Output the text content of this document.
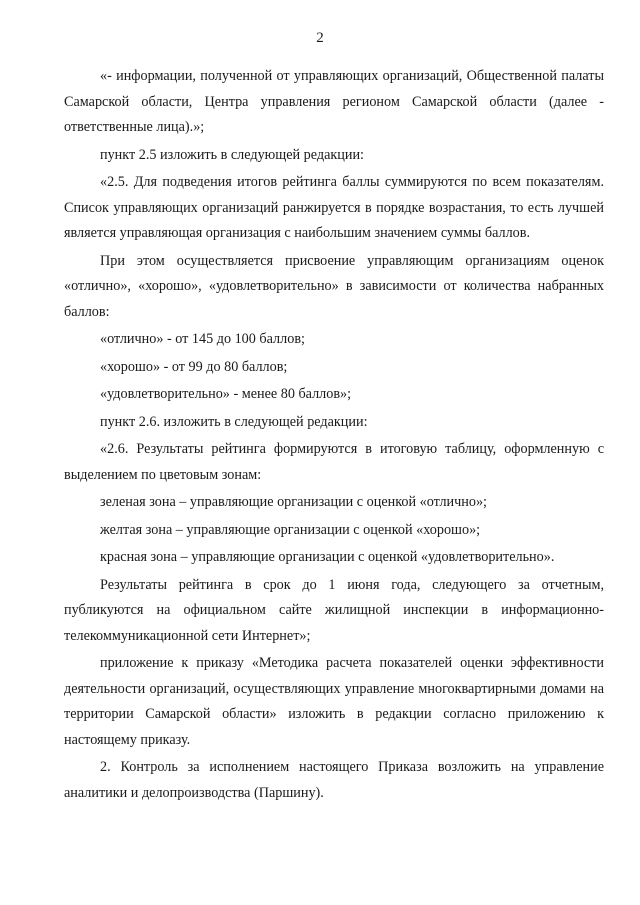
2

«- информации, полученной от управляющих организаций, Общественной палаты Самарской области, Центра управления регионом Самарской области (далее - ответственные лица).»;

пункт 2.5 изложить в следующей редакции:

«2.5. Для подведения итогов рейтинга баллы суммируются по всем показателям. Список управляющих организаций ранжируется в порядке возрастания, то есть лучшей является управляющая организация с наибольшим значением суммы баллов.

При этом осуществляется присвоение управляющим организациям оценок «отлично», «хорошо», «удовлетворительно» в зависимости от количества набранных баллов:

«отлично» - от 145 до 100 баллов;

«хорошо» - от 99 до 80 баллов;

«удовлетворительно» - менее 80 баллов»;

пункт 2.6. изложить в следующей редакции:

«2.6. Результаты рейтинга формируются в итоговую таблицу, оформленную с выделением по цветовым зонам:

зеленая зона – управляющие организации с оценкой «отлично»;

желтая зона – управляющие организации с оценкой «хорошо»;

красная зона – управляющие организации с оценкой «удовлетворительно».

Результаты рейтинга в срок до 1 июня года, следующего за отчетным, публикуются на официальном сайте жилищной инспекции в информационно-телекоммуникационной сети Интернет»;

приложение к приказу «Методика расчета показателей оценки эффективности деятельности организаций, осуществляющих управление многоквартирными домами на территории Самарской области» изложить в редакции согласно приложению к настоящему приказу.

2. Контроль за исполнением настоящего Приказа возложить на управление аналитики и делопроизводства (Паршину).
